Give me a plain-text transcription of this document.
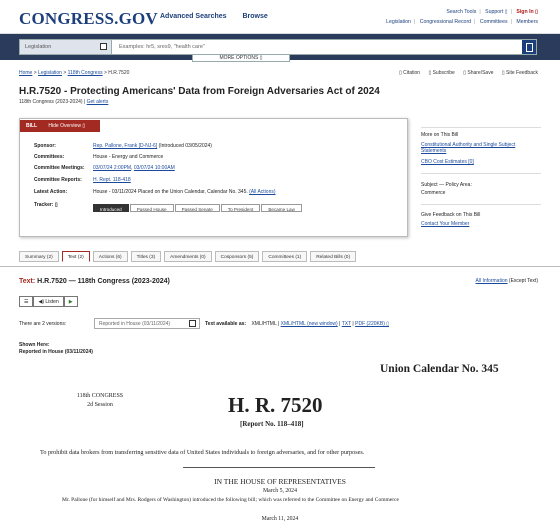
CONGRESS.GOV Advanced Searches Browse
Search Tools | Support ▯ | Sign In ▯
Legislation | Congressional Record | Committees | Members
Legislation	Examples: hr5, sres9, "health care"
MORE OPTIONS ▯
Home > Legislation > 118th Congress > H.R.7520	▯ Citation ▯ Subscribe ▯ Share/Save ▯ Site Feedback
H.R.7520 - Protecting Americans' Data from Foreign Adversaries Act of 2024
118th Congress (2023-2024) | Get alerts
BILL Hide Overview ▯
Sponsor:	Rep. Pallone, Frank [D-NJ-6] (Introduced 03/05/2024)
Committees:	House - Energy and Commerce
Committee Meetings:	03/07/24 2:00PM, 03/07/24 10:00AM
Committee Reports:	H. Rept. 118-418
Latest Action:	House - 03/11/2024 Placed on the Union Calendar, Calendar No. 345. (All Actions)
Tracker: ▯
Introduced	Passed House	Passed Senate	To President	Became Law
More on This Bill
Constitutional Authority and Single Subject Statements
CBO Cost Estimates [0]
Subject — Policy Area:
Commerce
Give Feedback on This Bill
Contact Your Member
Summary (2)	Text (2)	Actions (6)	Titles (3)	Amendments (0)	Cosponsors (5)	Committees (1)	Related Bills (0)
Text: H.R.7520 — 118th Congress (2023-2024)	All Information (Except Text)
☰	◀) Listen	▶
There are 2 versions:	Reported in House (03/11/2024)	Text available as: XML/HTML | XML/HTML (new window) | TXT | PDF (220KB) ▯
Shown Here:
Reported in House (03/11/2024)
Union Calendar No. 345
118th CONGRESS
2d Session	H. R. 7520
[Report No. 118–418]
To prohibit data brokers from transferring sensitive data of United States individuals to foreign adversaries, and for other purposes.
IN THE HOUSE OF REPRESENTATIVES
March 5, 2024
Mr. Pallone (for himself and Mrs. Rodgers of Washington) introduced the following bill; which was referred to the Committee on Energy and Commerce
March 11, 2024
